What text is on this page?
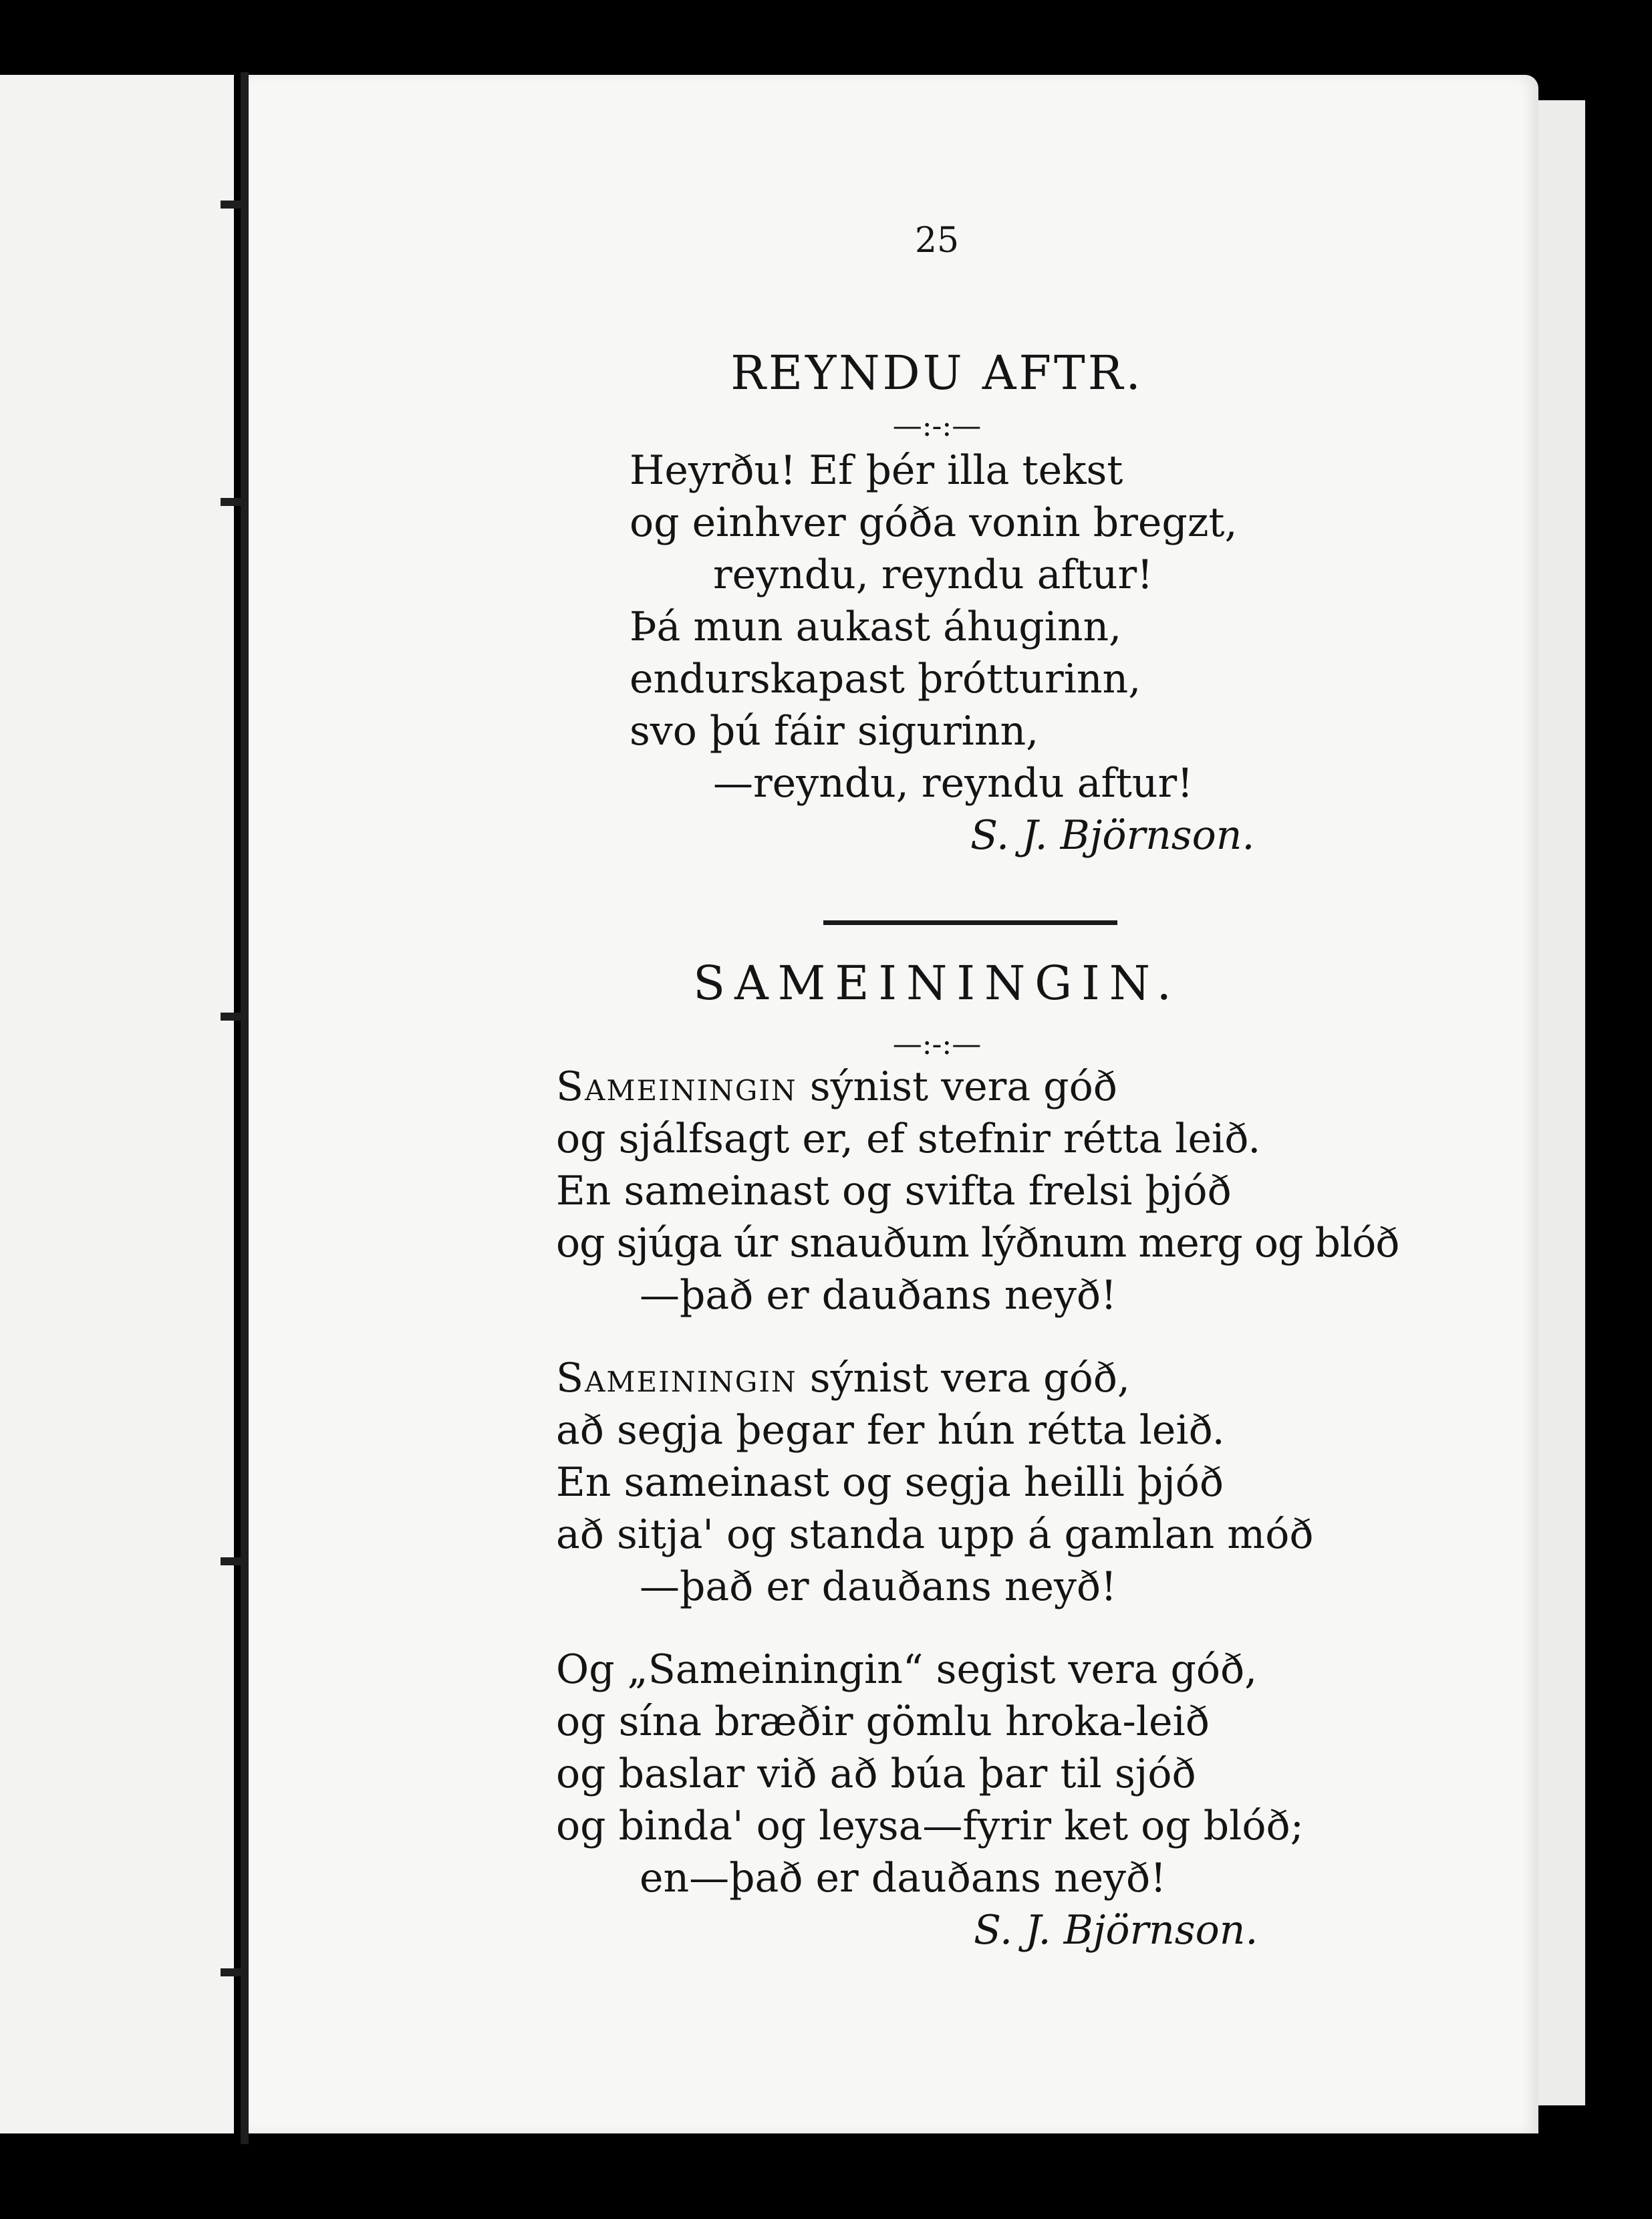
25
REYNDU AFTR.
—:-:—
Heyrðu! Ef þér illa tekst
og einhver góða vonin bregzt,
reyndu, reyndu aftur!
Þá mun aukast áhuginn,
endurskapast þrótturinn,
svo þú fáir sigurinn,
—reyndu, reyndu aftur!
S. J. Björnson.
SAMEININGIN.
—:-:—
Sameiningin sýnist vera góð
og sjálfsagt er, ef stefnir rétta leið.
En sameinast og svifta frelsi þjóð
og sjúga úr snauðum lýðnum merg og blóð
—það er dauðans neyð!
Sameiningin sýnist vera góð,
að segja þegar fer hún rétta leið.
En sameinast og segja heilli þjóð
að sitja' og standa upp á gamlan móð
—það er dauðans neyð!
Og „Sameiningin“ segist vera góð,
og sína bræðir gömlu hroka-leið
og baslar við að búa þar til sjóð
og binda' og leysa—fyrir ket og blóð;
en—það er dauðans neyð!
S. J. Björnson.
